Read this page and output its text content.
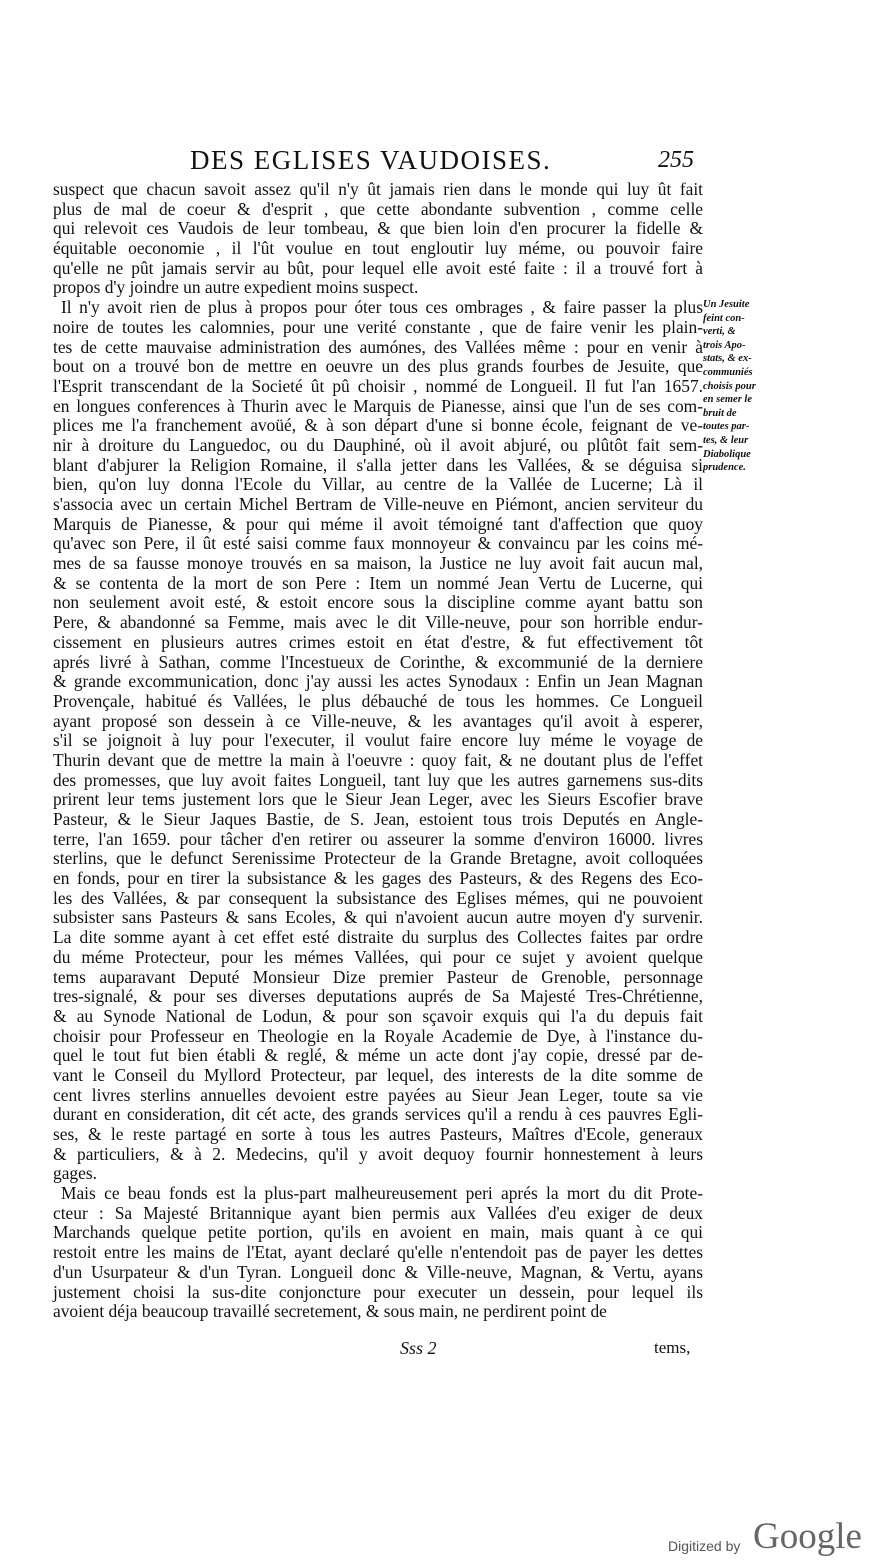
DES EGLISES VAUDOISES.	255
suspect que chacun savoit assez qu'il n'y ût jamais rien dans le monde qui luy ût fait
plus de mal de coeur & d'esprit , que cette abondante subvention , comme celle
qui relevoit ces Vaudois de leur tombeau, & que bien loin d'en procurer la fidelle &
équitable oeconomie , il l'ût voulue en tout engloutir luy méme, ou pouvoir faire
qu'elle ne pût jamais servir au bût, pour lequel elle avoit esté faite : il a trouvé fort à
propos d'y joindre un autre expedient moins suspect.
Il n'y avoit rien de plus à propos pour óter tous ces ombrages , & faire passer la plus
noire de toutes les calomnies, pour une verité constante , que de faire venir les plain-
tes de cette mauvaise administration des aumónes, des Vallées même : pour en venir à
bout on a trouvé bon de mettre en oeuvre un des plus grands fourbes de Jesuite, que
l'Esprit transcendant de la Societé ût pû choisir , nommé de Longueil. Il fut l'an 1657.
en longues conferences à Thurin avec le Marquis de Pianesse, ainsi que l'un de ses com-
plices me l'a franchement avoüé, & à son départ d'une si bonne école, feignant de ve-
nir à droiture du Languedoc, ou du Dauphiné, où il avoit abjuré, ou plûtôt fait sem-
blant d'abjurer la Religion Romaine, il s'alla jetter dans les Vallées, & se déguisa si
bien, qu'on luy donna l'Ecole du Villar, au centre de la Vallée de Lucerne; Là il
s'associa avec un certain Michel Bertram de Ville-neuve en Piémont, ancien serviteur du
Marquis de Pianesse, & pour qui méme il avoit témoigné tant d'affection que quoy
qu'avec son Pere, il ût esté saisi comme faux monnoyeur & convaincu par les coins mé-
mes de sa fausse monoye trouvés en sa maison, la Justice ne luy avoit fait aucun mal,
& se contenta de la mort de son Pere : Item un nommé Jean Vertu de Lucerne, qui
non seulement avoit esté, & estoit encore sous la discipline comme ayant battu son
Pere, & abandonné sa Femme, mais avec le dit Ville-neuve, pour son horrible endur-
cissement en plusieurs autres crimes estoit en état d'estre, & fut effectivement tôt
aprés livré à Sathan, comme l'Incestueux de Corinthe, & excommunié de la derniere
& grande excommunication, donc j'ay aussi les actes Synodaux : Enfin un Jean Magnan
Provençale, habitué és Vallées, le plus débauché de tous les hommes. Ce Longueil
ayant proposé son dessein à ce Ville-neuve, & les avantages qu'il avoit à esperer,
s'il se joignoit à luy pour l'executer, il voulut faire encore luy méme le voyage de
Thurin devant que de mettre la main à l'oeuvre : quoy fait, & ne doutant plus de l'effet
des promesses, que luy avoit faites Longueil, tant luy que les autres garnemens sus-dits
prirent leur tems justement lors que le Sieur Jean Leger, avec les Sieurs Escofier brave
Pasteur, & le Sieur Jaques Bastie, de S. Jean, estoient tous trois Deputés en Angle-
terre, l'an 1659. pour tâcher d'en retirer ou asseurer la somme d'environ 16000. livres
sterlins, que le defunct Serenissime Protecteur de la Grande Bretagne, avoit colloquées
en fonds, pour en tirer la subsistance & les gages des Pasteurs, & des Regens des Eco-
les des Vallées, & par consequent la subsistance des Eglises mémes, qui ne pouvoient
subsister sans Pasteurs & sans Ecoles, & qui n'avoient aucun autre moyen d'y survenir.
La dite somme ayant à cet effet esté distraite du surplus des Collectes faites par ordre
du méme Protecteur, pour les mémes Vallées, qui pour ce sujet y avoient quelque
tems auparavant Deputé Monsieur Dize premier Pasteur de Grenoble, personnage
tres-signalé, & pour ses diverses deputations auprés de Sa Majesté Tres-Chrétienne,
& au Synode National de Lodun, & pour son sçavoir exquis qui l'a du depuis fait
choisir pour Professeur en Theologie en la Royale Academie de Dye, à l'instance du-
quel le tout fut bien établi & reglé, & méme un acte dont j'ay copie, dressé par de-
vant le Conseil du Myllord Protecteur, par lequel, des interests de la dite somme de
cent livres sterlins annuelles devoient estre payées au Sieur Jean Leger, toute sa vie
durant en consideration, dit cét acte, des grands services qu'il a rendu à ces pauvres Egli-
ses, & le reste partagé en sorte à tous les autres Pasteurs, Maîtres d'Ecole, generaux
& particuliers, & à 2. Medecins, qu'il y avoit dequoy fournir honnestement à leurs
gages.
Mais ce beau fonds est la plus-part malheureusement peri aprés la mort du dit Prote-
cteur : Sa Majesté Britannique ayant bien permis aux Vallées d'eu exiger de deux
Marchands quelque petite portion, qu'ils en avoient en main, mais quant à ce qui
restoit entre les mains de l'Etat, ayant declaré qu'elle n'entendoit pas de payer les dettes
d'un Usurpateur & d'un Tyran. Longueil donc & Ville-neuve, Magnan, & Vertu, ayans
justement choisi la sus-dite conjoncture pour executer un dessein, pour lequel ils
avoient déja beaucoup travaillé secretement, & sous main, ne perdirent point de
Un Jesuite
feint con-
verti, &
trois Apo-
stats, & ex-
communiés
choisis pour
en semer le
bruit de
toutes par-
tes, & leur
Diabolique
prudence.
Sss 2	tems,
Digitized by Google
